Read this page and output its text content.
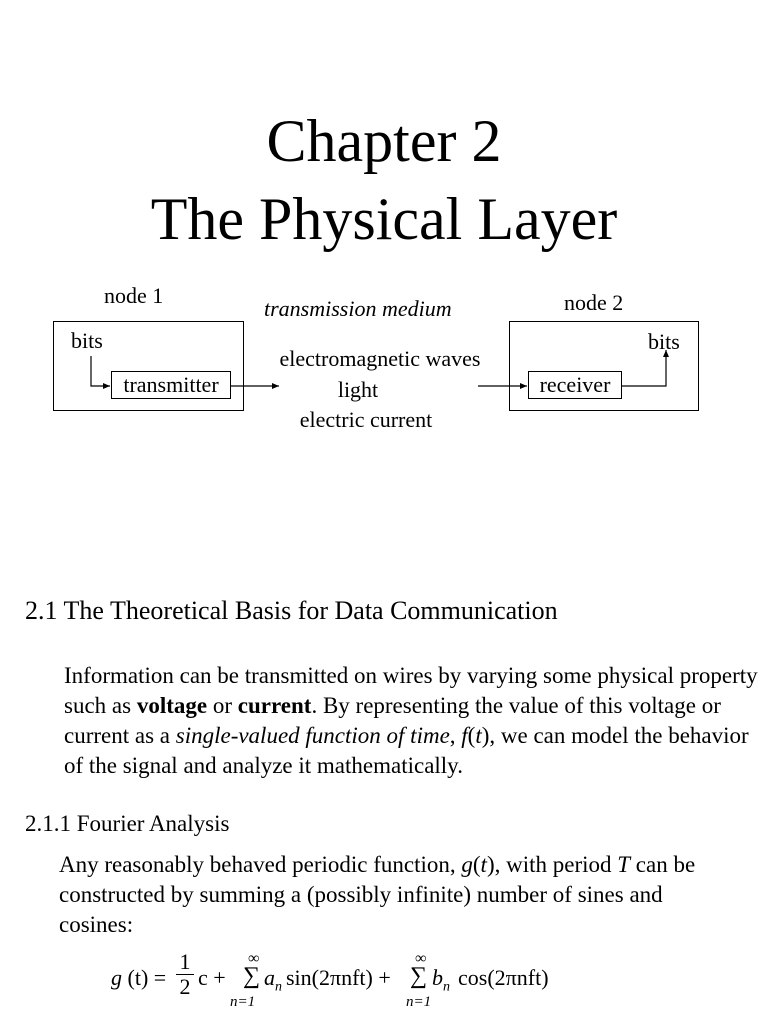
Chapter 2
The Physical Layer
node 1	node 2
transmission medium
bits	bits
transmitter	receiver
electromagnetic waves
light
electric current
2.1 The Theoretical Basis for Data Communication
Information can be transmitted on wires by varying some physical property such as voltage or current. By representing the value of this voltage or current as a single-valued function of time, f(t), we can model the behavior of the signal and analyze it mathematically.
2.1.1 Fourier Analysis
Any reasonably behaved periodic function, g(t), with period T can be constructed by summing a (possibly infinite) number of sines and cosines:
g $(t) = \frac{1}{2}$ c +
∞
∑
n=1
$a_n$ sin(2πnft) +
∞
∑
n=1
$b_n$ cos(2πnft)
